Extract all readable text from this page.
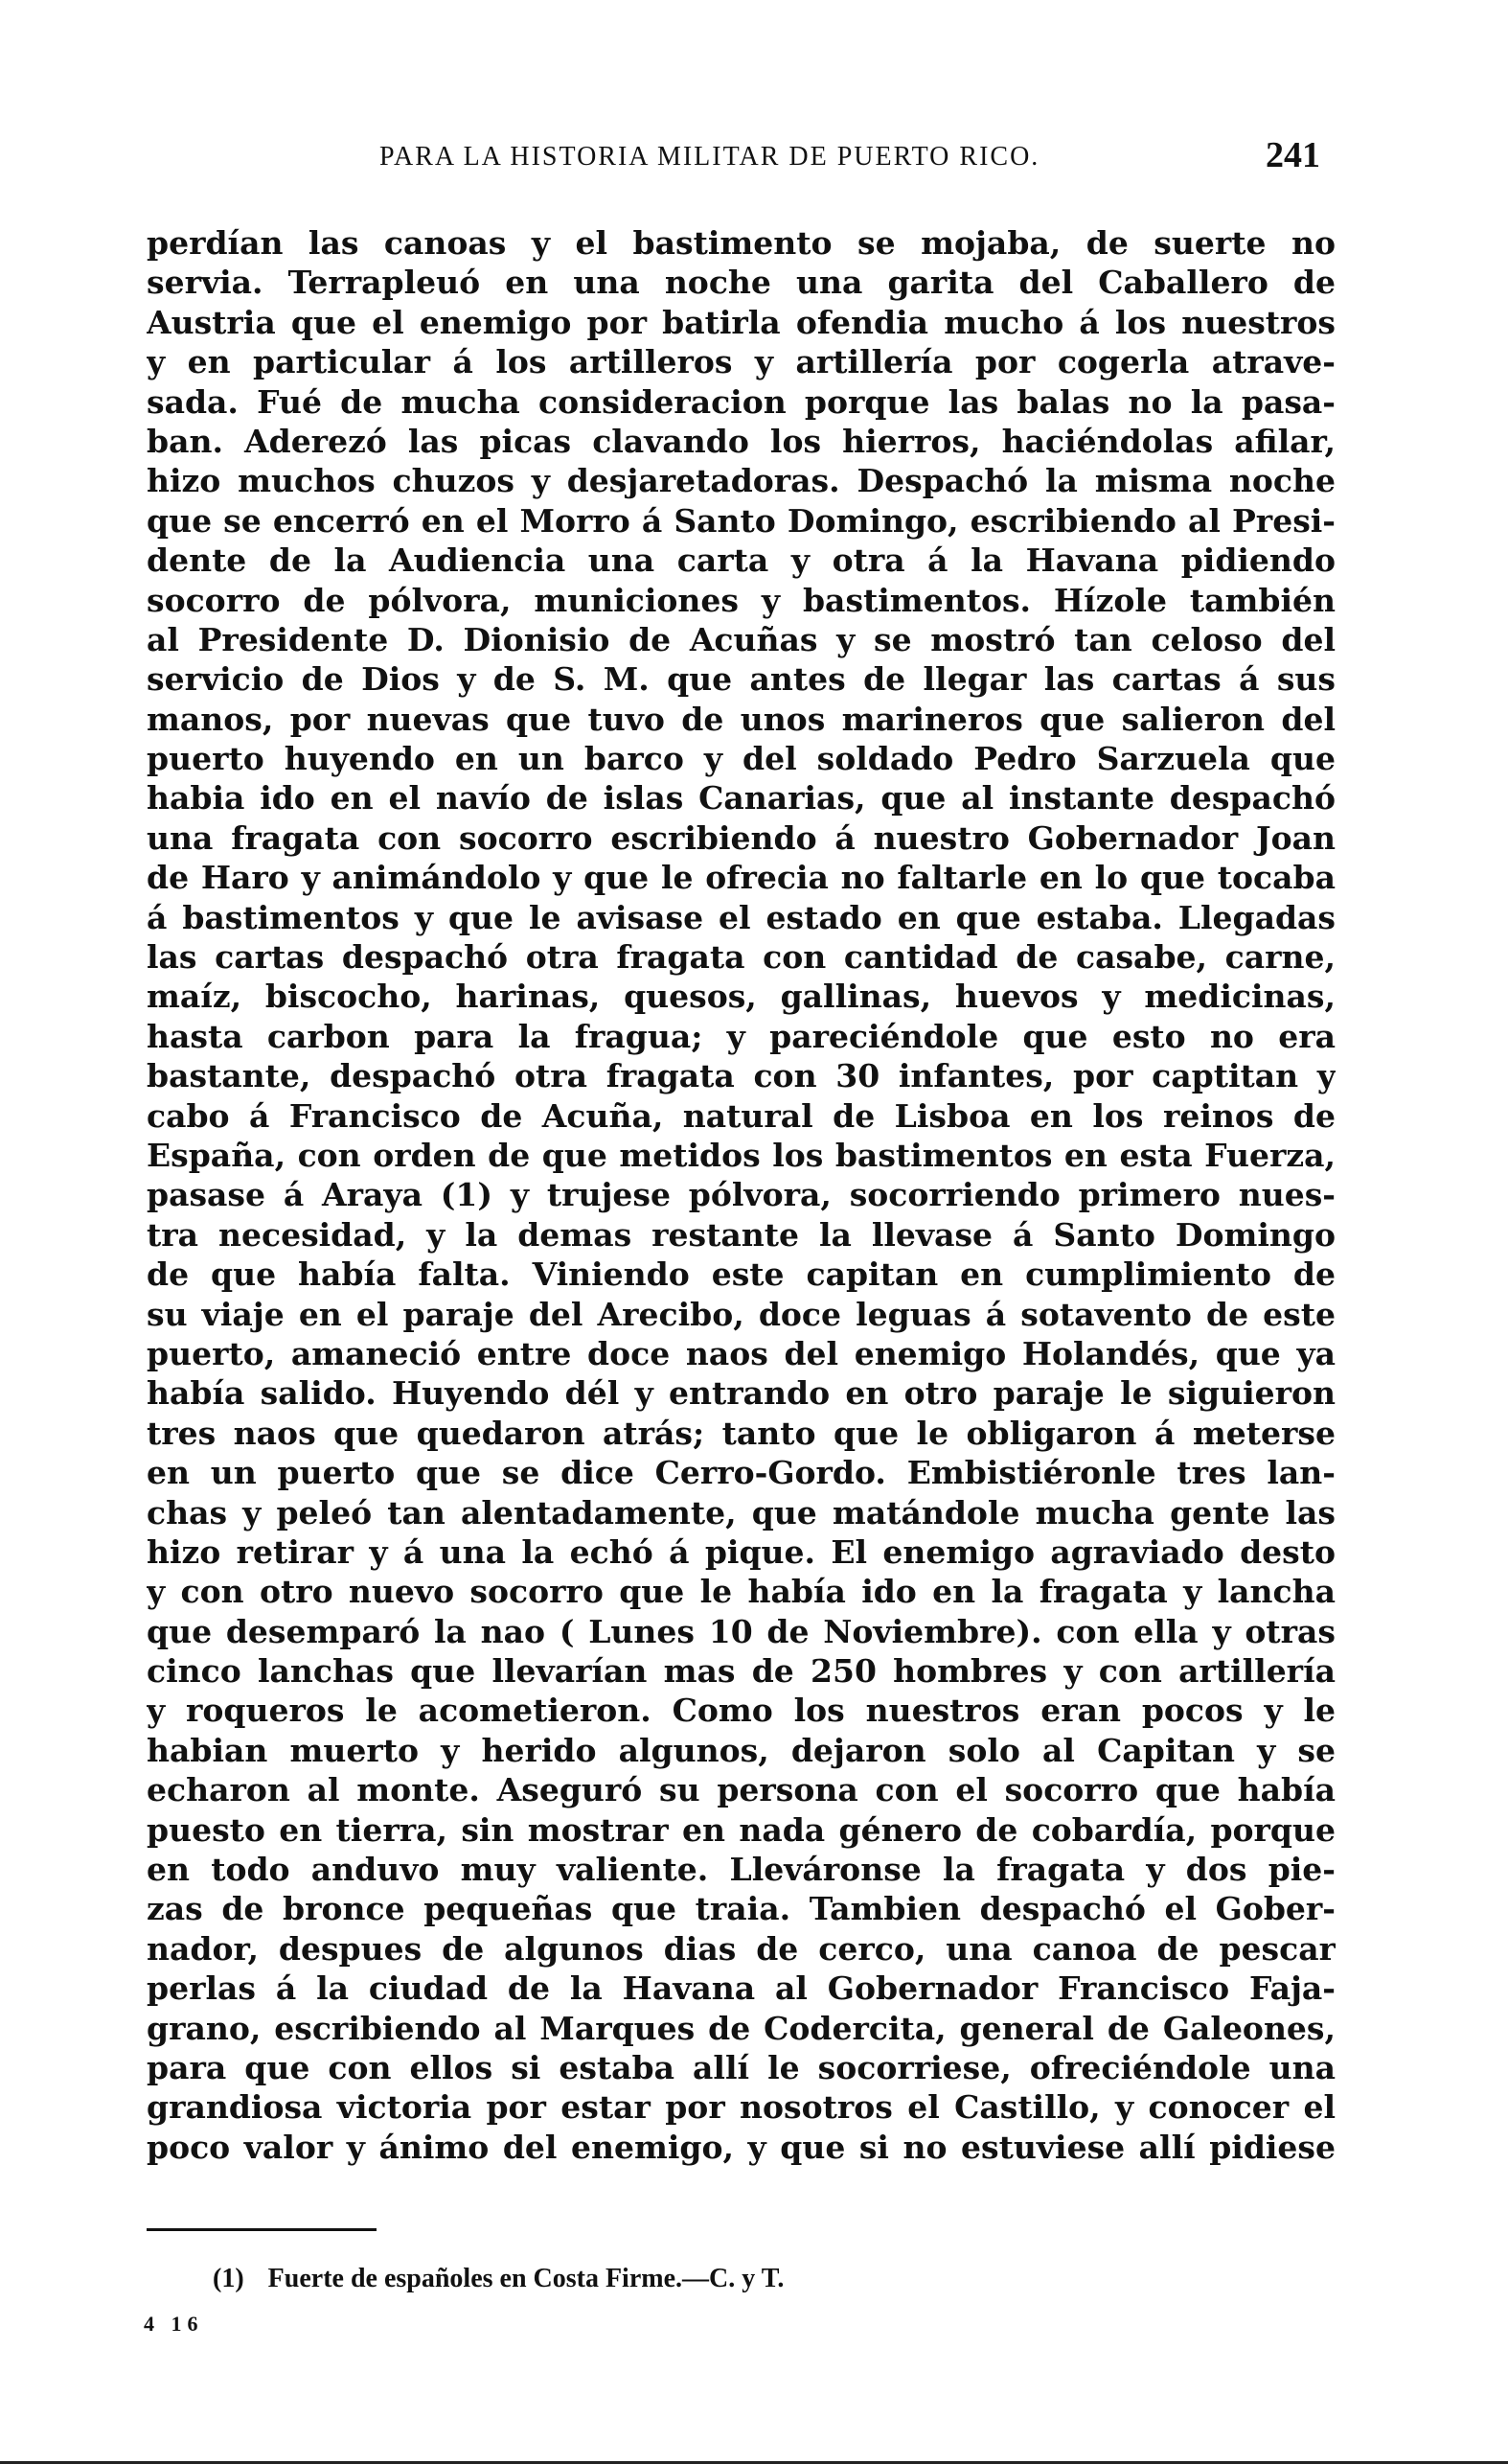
PARA LA HISTORIA MILITAR DE PUERTO RICO.	241
perdían las canoas y el bastimento se mojaba, de suerte no
servia. Terrapleuó en una noche una garita del Caballero de
Austria que el enemigo por batirla ofendia mucho á los nuestros
y en particular á los artilleros y artillería por cogerla atrave-
sada. Fué de mucha consideracion porque las balas no la pasa-
ban. Aderezó las picas clavando los hierros, haciéndolas afilar,
hizo muchos chuzos y desjaretadoras. Despachó la misma noche
que se encerró en el Morro á Santo Domingo, escribiendo al Presi-
dente de la Audiencia una carta y otra á la Havana pidiendo
socorro de pólvora, municiones y bastimentos. Hízole también
al Presidente D. Dionisio de Acuñas y se mostró tan celoso del
servicio de Dios y de S. M. que antes de llegar las cartas á sus
manos, por nuevas que tuvo de unos marineros que salieron del
puerto huyendo en un barco y del soldado Pedro Sarzuela que
habia ido en el navío de islas Canarias, que al instante despachó
una fragata con socorro escribiendo á nuestro Gobernador Joan
de Haro y animándolo y que le ofrecia no faltarle en lo que tocaba
á bastimentos y que le avisase el estado en que estaba. Llegadas
las cartas despachó otra fragata con cantidad de casabe, carne,
maíz, biscocho, harinas, quesos, gallinas, huevos y medicinas,
hasta carbon para la fragua; y pareciéndole que esto no era
bastante, despachó otra fragata con 30 infantes, por captitan y
cabo á Francisco de Acuña, natural de Lisboa en los reinos de
España, con orden de que metidos los bastimentos en esta Fuerza,
pasase á Araya (1) y trujese pólvora, socorriendo primero nues-
tra necesidad, y la demas restante la llevase á Santo Domingo
de que había falta. Viniendo este capitan en cumplimiento de
su viaje en el paraje del Arecibo, doce leguas á sotavento de este
puerto, amaneció entre doce naos del enemigo Holandés, que ya
había salido. Huyendo dél y entrando en otro paraje le siguieron
tres naos que quedaron atrás; tanto que le obligaron á meterse
en un puerto que se dice Cerro-Gordo. Embistiéronle tres lan-
chas y peleó tan alentadamente, que matándole mucha gente las
hizo retirar y á una la echó á pique. El enemigo agraviado desto
y con otro nuevo socorro que le había ido en la fragata y lancha
que desemparó la nao ( Lunes 10 de Noviembre). con ella y otras
cinco lanchas que llevarían mas de 250 hombres y con artillería
y roqueros le acometieron. Como los nuestros eran pocos y le
habian muerto y herido algunos, dejaron solo al Capitan y se
echaron al monte. Aseguró su persona con el socorro que había
puesto en tierra, sin mostrar en nada género de cobardía, porque
en todo anduvo muy valiente. Lleváronse la fragata y dos pie-
zas de bronce pequeñas que traia. Tambien despachó el Gober-
nador, despues de algunos dias de cerco, una canoa de pescar
perlas á la ciudad de la Havana al Gobernador Francisco Faja-
grano, escribiendo al Marques de Codercita, general de Galeones,
para que con ellos si estaba allí le socorriese, ofreciéndole una
grandiosa victoria por estar por nosotros el Castillo, y conocer el
poco valor y ánimo del enemigo, y que si no estuviese allí pidiese
(1) Fuerte de españoles en Costa Firme.—C. y T.
4 16
